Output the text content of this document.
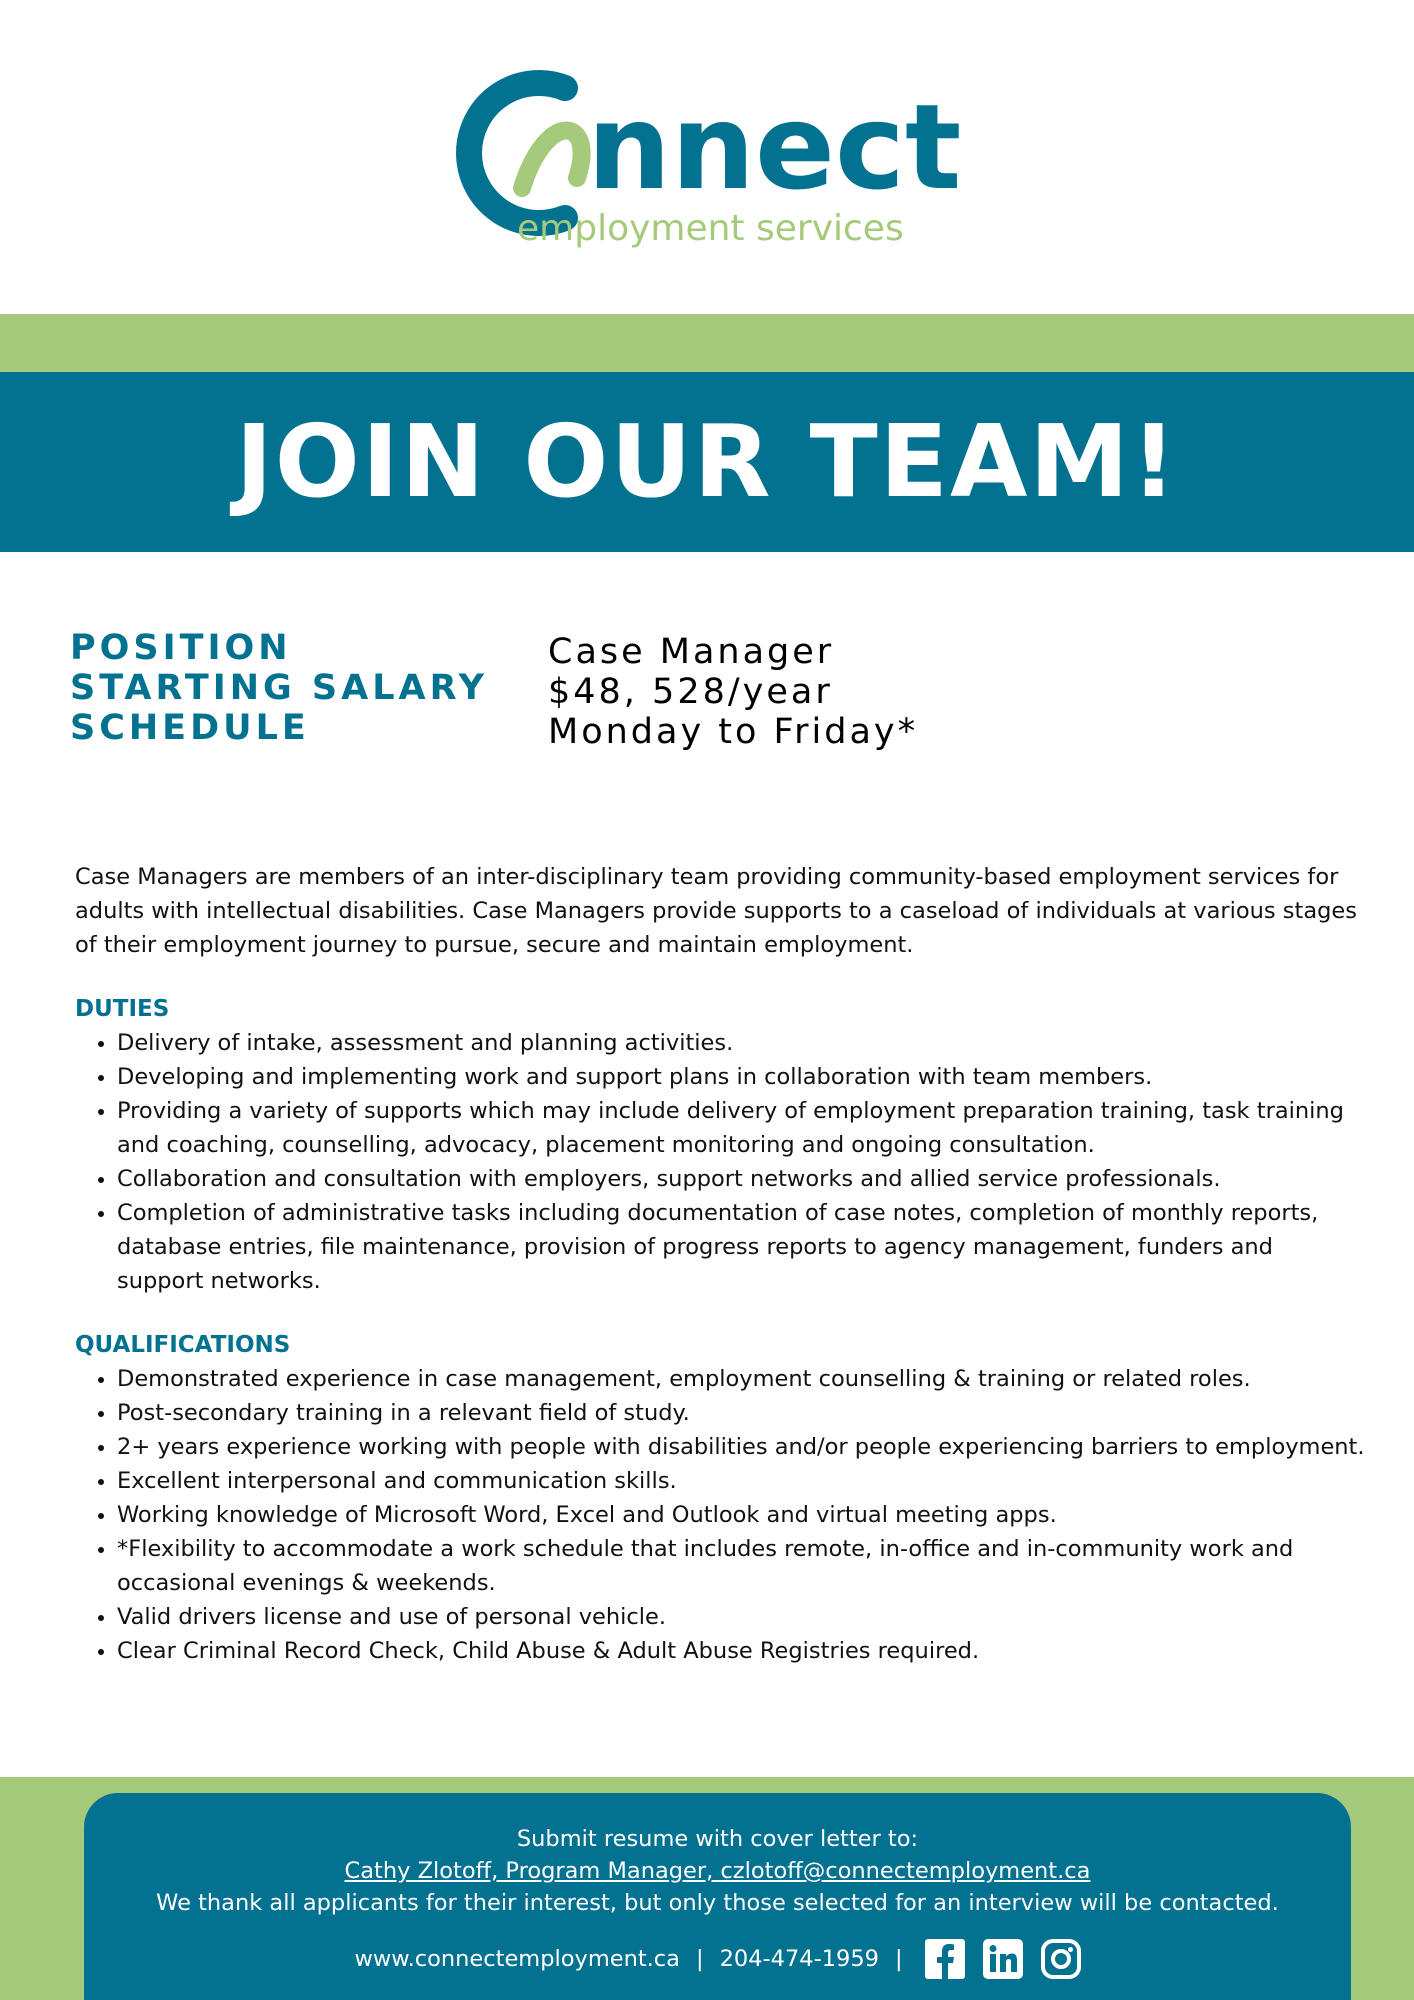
nnect
employment services
JOIN OUR TEAM!
POSITION
STARTING SALARY
SCHEDULE
Case Manager
$48, 528/year
Monday to Friday*

Case Managers are members of an inter-disciplinary team providing community-based employment services for adults with intellectual disabilities. Case Managers provide supports to a caseload of individuals at various stages of their employment journey to pursue, secure and maintain employment.

DUTIES
• Delivery of intake, assessment and planning activities.
• Developing and implementing work and support plans in collaboration with team members.
• Providing a variety of supports which may include delivery of employment preparation training, task training and coaching, counselling, advocacy, placement monitoring and ongoing consultation.
• Collaboration and consultation with employers, support networks and allied service professionals.
• Completion of administrative tasks including documentation of case notes, completion of monthly reports, database entries, file maintenance, provision of progress reports to agency management, funders and support networks.
QUALIFICATIONS
• Demonstrated experience in case management, employment counselling & training or related roles.
• Post-secondary training in a relevant field of study.
• 2+ years experience working with people with disabilities and/or people experiencing barriers to employment.
• Excellent interpersonal and communication skills.
• Working knowledge of Microsoft Word, Excel and Outlook and virtual meeting apps.
• *Flexibility to accommodate a work schedule that includes remote, in-office and in-community work and occasional evenings & weekends.
• Valid drivers license and use of personal vehicle.
• Clear Criminal Record Check, Child Abuse & Adult Abuse Registries required.

Submit resume with cover letter to:

Cathy Zlotoff, Program Manager, czlotoff@connectemployment.ca

We thank all applicants for their interest, but only those selected for an interview will be contacted.

www.connectemployment.ca | 204-474-1959 |
